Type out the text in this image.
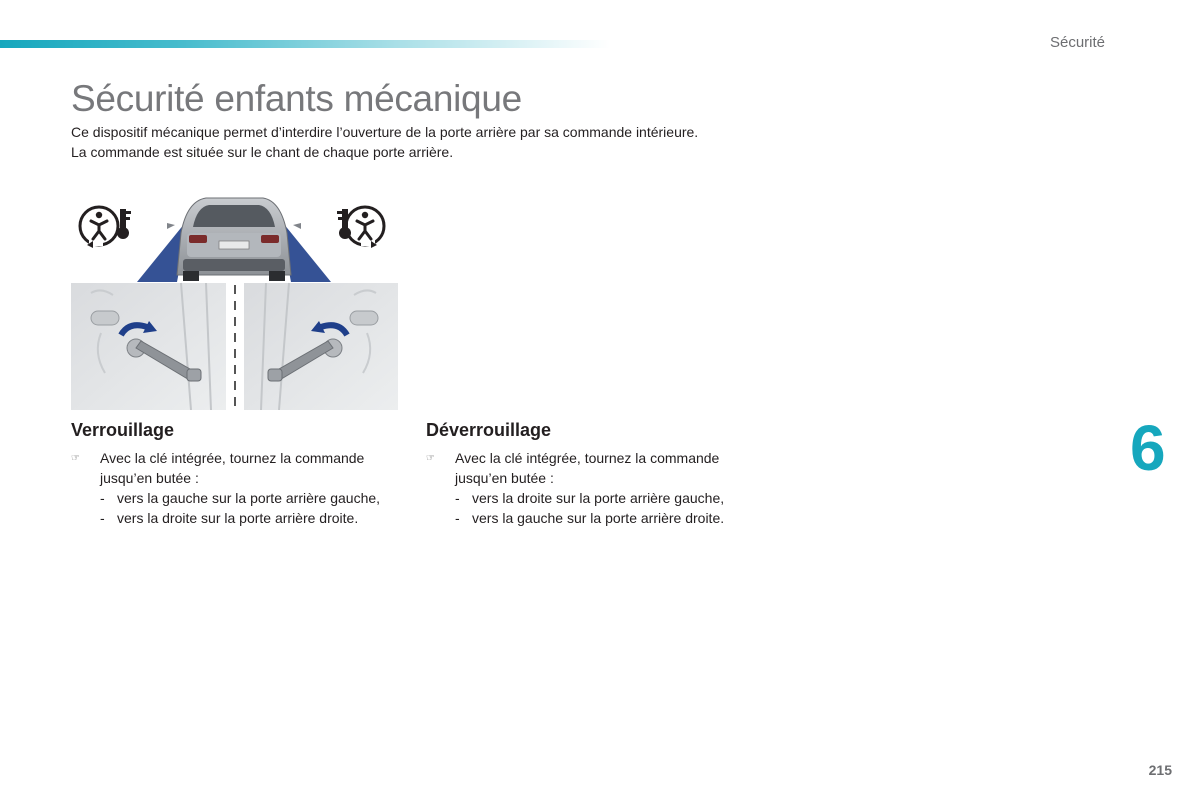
Sécurité
Sécurité enfants mécanique

Ce dispositif mécanique permet d’interdire l’ouverture de la porte arrière par sa commande intérieure.

La commande est située sur le chant de chaque porte arrière.

Verrouillage
☞	Avec la clé intégrée, tournez la commande jusqu’en butée :
- vers la gauche sur la porte arrière gauche,
- vers la droite sur la porte arrière droite.
Déverrouillage
☞	Avec la clé intégrée, tournez la commande jusqu’en butée :
- vers la droite sur la porte arrière gauche,
- vers la gauche sur la porte arrière droite.
6
215
